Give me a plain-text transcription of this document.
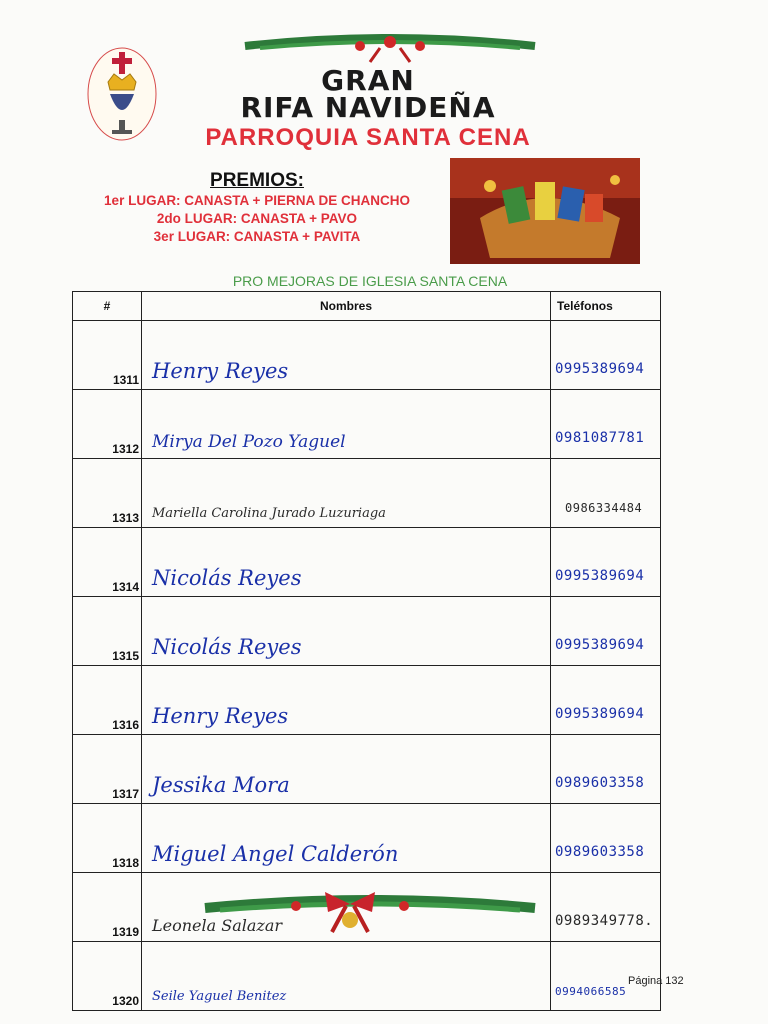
GRAN
RIFA NAVIDEÑA
PARROQUIA SANTA CENA
PREMIOS:
1er LUGAR: CANASTA + PIERNA DE CHANCHO
2do LUGAR: CANASTA + PAVO
3er LUGAR: CANASTA + PAVITA
PRO MEJORAS DE IGLESIA SANTA CENA
#	Nombres	Teléfonos
1311	Henry Reyes	0995389694
1312	Mirya Del Pozo Yaguel	0981087781
1313	Mariella Carolina Jurado Luzuriaga	0986334484
1314	Nicolás Reyes	0995389694
1315	Nicolás Reyes	0995389694
1316	Henry Reyes	0995389694
1317	Jessika Mora	0989603358
1318	Miguel Angel Calderón	0989603358
1319	Leonela Salazar	0989349778.
1320	Seile Yaguel Benitez	0994066585
Página 132
